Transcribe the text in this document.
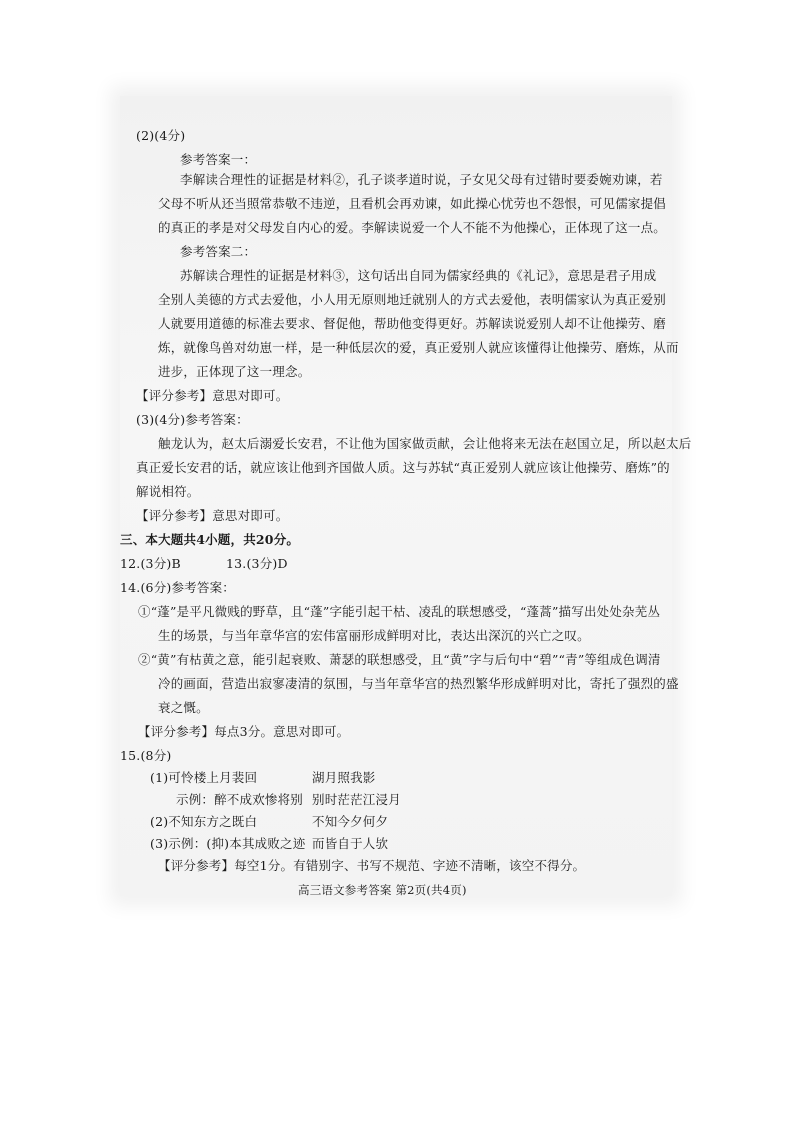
(2)(4分)
参考答案一：
李解读合理性的证据是材料②，孔子谈孝道时说，子女见父母有过错时要委婉劝谏，若
父母不听从还当照常恭敬不违逆，且看机会再劝谏，如此操心忧劳也不怨恨，可见儒家提倡
的真正的孝是对父母发自内心的爱。李解读说爱一个人不能不为他操心，正体现了这一点。
参考答案二：
苏解读合理性的证据是材料③，这句话出自同为儒家经典的《礼记》，意思是君子用成
全别人美德的方式去爱他，小人用无原则地迁就别人的方式去爱他，表明儒家认为真正爱别
人就要用道德的标准去要求、督促他，帮助他变得更好。苏解读说爱别人却不让他操劳、磨
炼，就像鸟兽对幼崽一样，是一种低层次的爱，真正爱别人就应该懂得让他操劳、磨炼，从而
进步，正体现了这一理念。
【评分参考】意思对即可。
(3)(4分)参考答案：
触龙认为，赵太后溺爱长安君，不让他为国家做贡献，会让他将来无法在赵国立足，所以赵太后
真正爱长安君的话，就应该让他到齐国做人质。这与苏轼“真正爱别人就应该让他操劳、磨炼”的
解说相符。
【评分参考】意思对即可。
三、本大题共4小题，共20分。
12.(3分)B	13.(3分)D
14.(6分)参考答案：
①“蓬”是平凡微贱的野草，且“蓬”字能引起干枯、凌乱的联想感受，“蓬蒿”描写出处处杂芜丛
生的场景，与当年章华宫的宏伟富丽形成鲜明对比，表达出深沉的兴亡之叹。
②“黄”有枯黄之意，能引起衰败、萧瑟的联想感受，且“黄”字与后句中“碧”“青”等组成色调清
冷的画面，营造出寂寥凄清的氛围，与当年章华宫的热烈繁华形成鲜明对比，寄托了强烈的盛
衰之慨。
【评分参考】每点3分。意思对即可。
15.(8分)
(1)可怜楼上月裴回	湖月照我影
示例：醉不成欢惨将别 别时茫茫江浸月
(2)不知东方之既白	不知今夕何夕
(3)示例：(抑)本其成败之迹 而皆自于人欤
【评分参考】每空1分。有错别字、书写不规范、字迹不清晰，该空不得分。
高三语文参考答案 第2页(共4页)
